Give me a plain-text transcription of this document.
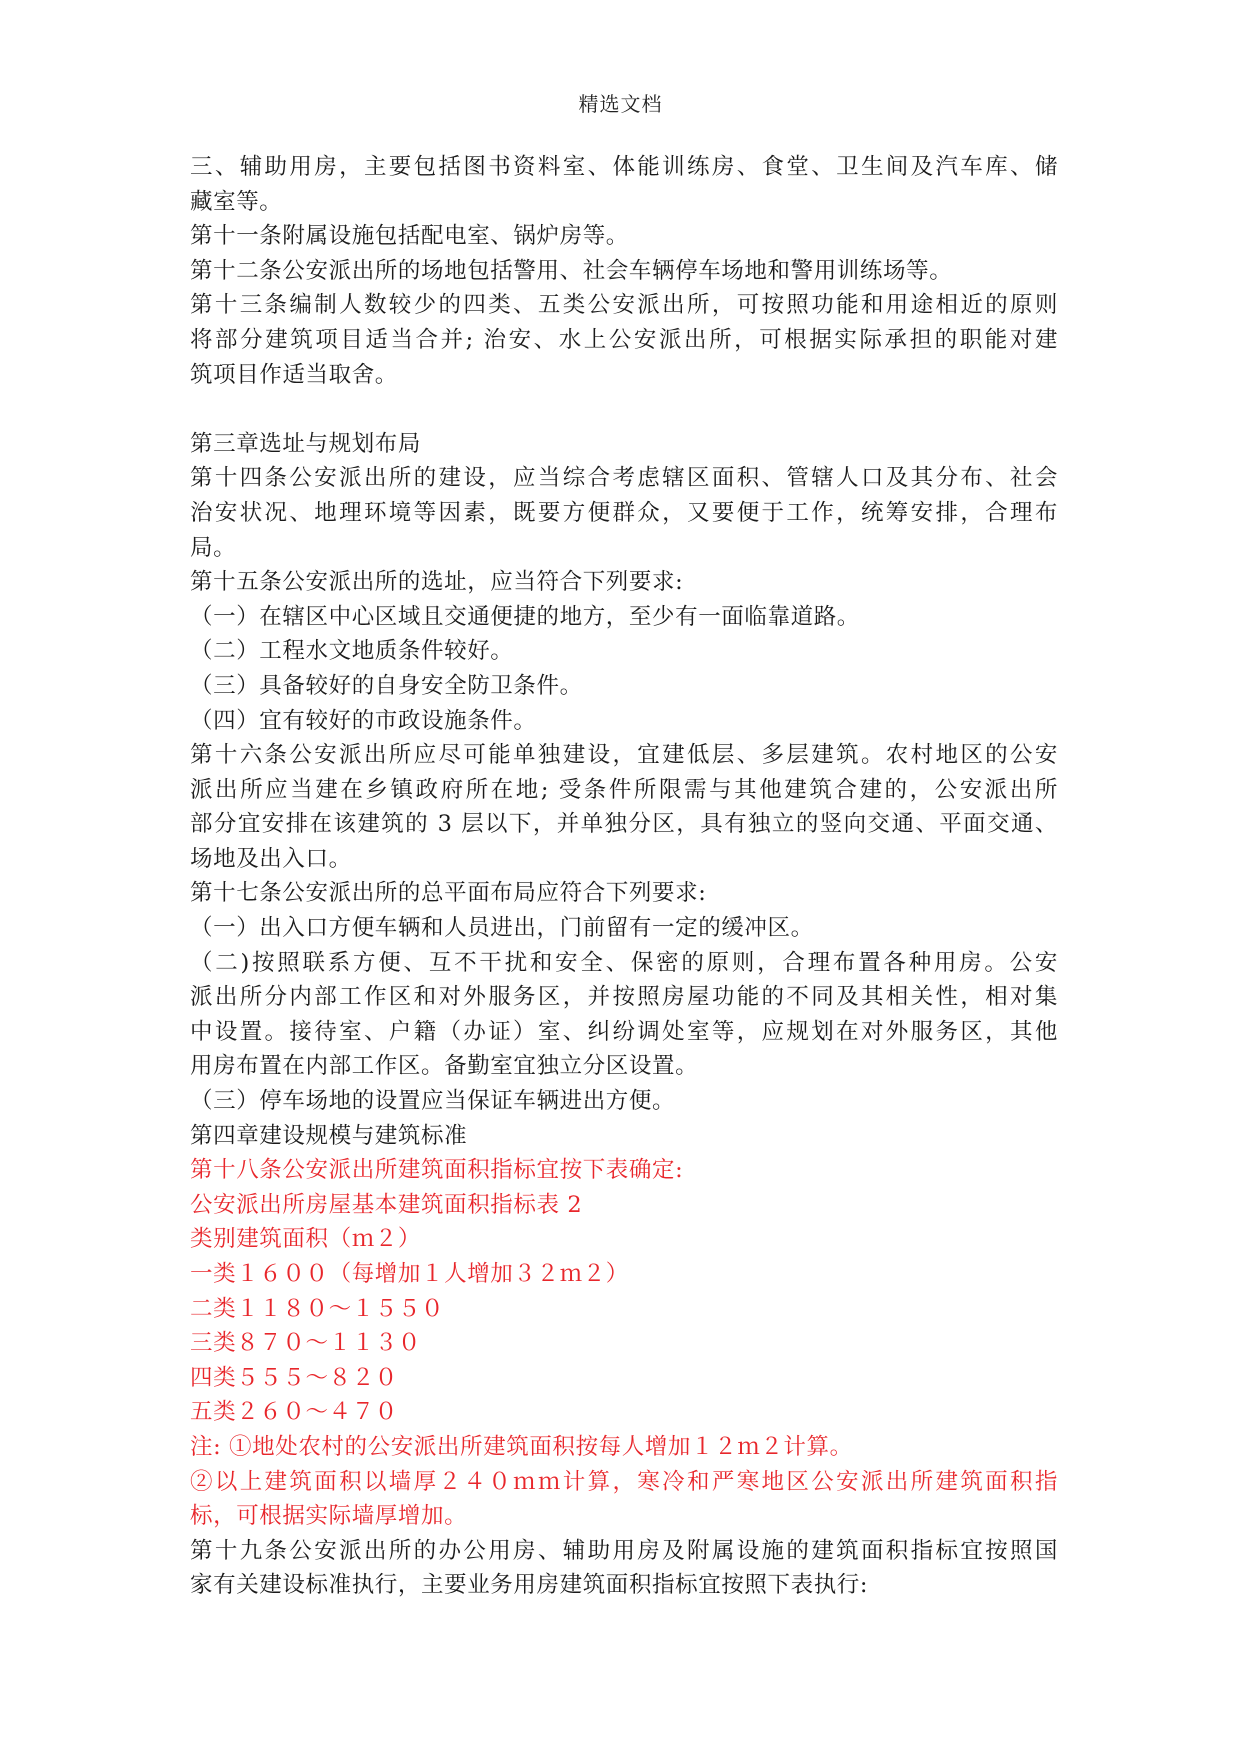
精选文档
三、辅助用房，主要包括图书资料室、体能训练房、食堂、卫生间及汽车库、储
藏室等。
第十一条附属设施包括配电室、锅炉房等。
第十二条公安派出所的场地包括警用、社会车辆停车场地和警用训练场等。
第十三条编制人数较少的四类、五类公安派出所，可按照功能和用途相近的原则
将部分建筑项目适当合并; 治安、水上公安派出所，可根据实际承担的职能对建
筑项目作适当取舍。
第三章选址与规划布局
第十四条公安派出所的建设，应当综合考虑辖区面积、管辖人口及其分布、社会
治安状况、地理环境等因素，既要方便群众，又要便于工作，统筹安排，合理布
局。
第十五条公安派出所的选址，应当符合下列要求:
（一）在辖区中心区域且交通便捷的地方，至少有一面临靠道路。
（二）工程水文地质条件较好。
（三）具备较好的自身安全防卫条件。
（四）宜有较好的市政设施条件。
第十六条公安派出所应尽可能单独建设，宜建低层、多层建筑。农村地区的公安
派出所应当建在乡镇政府所在地; 受条件所限需与其他建筑合建的，公安派出所
部分宜安排在该建筑的 3 层以下，并单独分区，具有独立的竖向交通、平面交通、
场地及出入口。
第十七条公安派出所的总平面布局应符合下列要求:
（一）出入口方便车辆和人员进出，门前留有一定的缓冲区。
（二)按照联系方便、互不干扰和安全、保密的原则，合理布置各种用房。公安
派出所分内部工作区和对外服务区，并按照房屋功能的不同及其相关性，相对集
中设置。接待室、户籍（办证）室、纠纷调处室等，应规划在对外服务区，其他
用房布置在内部工作区。备勤室宜独立分区设置。
（三）停车场地的设置应当保证车辆进出方便。
第四章建设规模与建筑标准
第十八条公安派出所建筑面积指标宜按下表确定:
公安派出所房屋基本建筑面积指标表 2
类别建筑面积（ｍ２）
一类１６００（每增加１人增加３２ｍ２）
二类１１８０～１５５０
三类８７０～１１３０
四类５５５～８２０
五类２６０～４７０
注: ①地处农村的公安派出所建筑面积按每人增加１２ｍ２计算。
②以上建筑面积以墙厚２４０ｍｍ计算，寒冷和严寒地区公安派出所建筑面积指
标，可根据实际墙厚增加。
第十九条公安派出所的办公用房、辅助用房及附属设施的建筑面积指标宜按照国
家有关建设标准执行，主要业务用房建筑面积指标宜按照下表执行:
